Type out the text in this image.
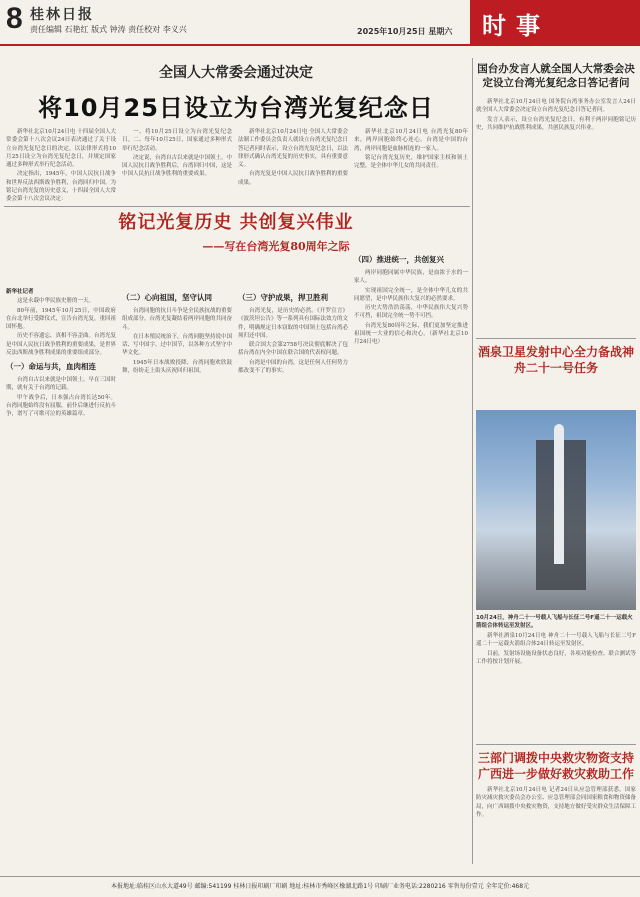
8 桂林日报
责任编辑 石艳红 版式 钟涛 责任校对 李义兴	2025年10月25日 星期六 时事
全国人大常委会通过决定
将10月25日设立为台湾光复纪念日

新华社北京10月24日电 十四届全国人大常委会第十八次会议24日表决通过了关于设立台湾光复纪念日的决定，以法律形式将10月25日设立为台湾光复纪念日，并规定国家通过多种形式举行纪念活动。

决定指出，1945年，中国人民抗日战争和世界反法西斯战争胜利，台湾回归中国。为铭记台湾光复的历史意义，十四届全国人大常委会第十八次会议决定：

一、将10月25日设立为台湾光复纪念日。二、每年10月25日，国家通过多种形式举行纪念活动。

决定说，台湾自古以来就是中国领土。中国人民抗日战争胜利后，台湾回归中国，这是中国人民抗日战争胜利的重要成果。

新华社北京10月24日电 全国人大常委会法制工作委员会负责人就设立台湾光复纪念日答记者问时表示，设立台湾光复纪念日，以法律形式确认台湾光复的历史事实，具有重要意义。

台湾光复是中国人民抗日战争胜利的重要成果。

新华社北京10月24日电 台湾光复80年来，两岸同胞始终心连心。台湾是中国的台湾，两岸同胞是血脉相连的一家人。

铭记台湾光复历史，维护国家主权和领土完整，是全体中华儿女的共同责任。

铭记光复历史 共创复兴伟业
——写在台湾光复80周年之际

新华社记者

这是永载中华民族史册的一天。

80年前，1945年10月25日，中国政府在台北举行受降仪式，宣告台湾光复，重回祖国怀抱。

历史不容遗忘，真相不容歪曲。台湾光复是中国人民抗日战争胜利的重要成果，是世界反法西斯战争胜利成果的重要组成部分。

（一）命运与共，血肉相连

台湾自古以来就是中国领土。早在三国时期，就有关于台湾的记载。

甲午战争后，日本强占台湾长达50年。台湾同胞始终没有屈服，前仆后继进行反抗斗争，谱写了可歌可泣的英雄篇章。

（二）心向祖国，坚守认同

台湾同胞的抗日斗争是全民族抗战的重要组成部分。台湾光复凝结着两岸同胞的共同奋斗。

在日本殖民统治下，台湾同胞坚持说中国话、写中国字、过中国节，以各种方式坚守中华文化。

1945年日本战败投降，台湾同胞欢欣鼓舞，纷纷走上街头庆祝回归祖国。

（三）守护成果，捍卫胜利

台湾光复，是历史的必然。《开罗宣言》《波茨坦公告》等一系列具有国际法效力的文件，明确规定日本窃取的中国领土包括台湾必须归还中国。

联合国大会第2758号决议彻底解决了包括台湾在内全中国在联合国的代表权问题。

台湾是中国的台湾，这是任何人任何势力都改变不了的事实。

（四）推进统一，共创复兴

两岸同胞同属中华民族，是血浓于水的一家人。

实现祖国完全统一，是全体中华儿女的共同愿望，是中华民族伟大复兴的必然要求。

历史大势浩浩荡荡，中华民族伟大复兴势不可挡，祖国完全统一势不可挡。

台湾光复80周年之际，我们更加坚定推进祖国统一大业的信心和决心。（新华社北京10月24日电）

国台办发言人就全国人大常委会决定设立台湾光复纪念日答记者问

新华社北京10月24日电 国务院台湾事务办公室发言人24日就全国人大常委会决定设立台湾光复纪念日答记者问。

发言人表示，设立台湾光复纪念日，有利于两岸同胞铭记历史，共同维护抗战胜利成果，共创民族复兴伟业。

酒泉卫星发射中心全力备战神舟二十一号任务
10月24日，神舟二十一号载人飞船与长征二号F遥二十一运载火箭组合体转运至发射区。

新华社酒泉10月24日电 神舟二十一号载人飞船与长征二号F遥二十一运载火箭组合体24日转运至发射区。

目前，发射场设施设备状态良好，各项功能检查、联合测试等工作将按计划开展。

三部门调拨中央救灾物资支持广西进一步做好救灾救助工作

新华社北京10月24日电 记者24日从应急管理部获悉，国家防灾减灾救灾委员会办公室、应急管理部会同国家粮食和物资储备局，向广西调拨中央救灾物资，支持地方做好受灾群众生活保障工作。

本报地址:临桂区山水大道49号 邮编:541199 桂林日报印刷厂印刷 地址:桂林市秀峰区橡湖北路1号 印刷厂业务电话:2280216 零售每份壹元 全年定价:468元
